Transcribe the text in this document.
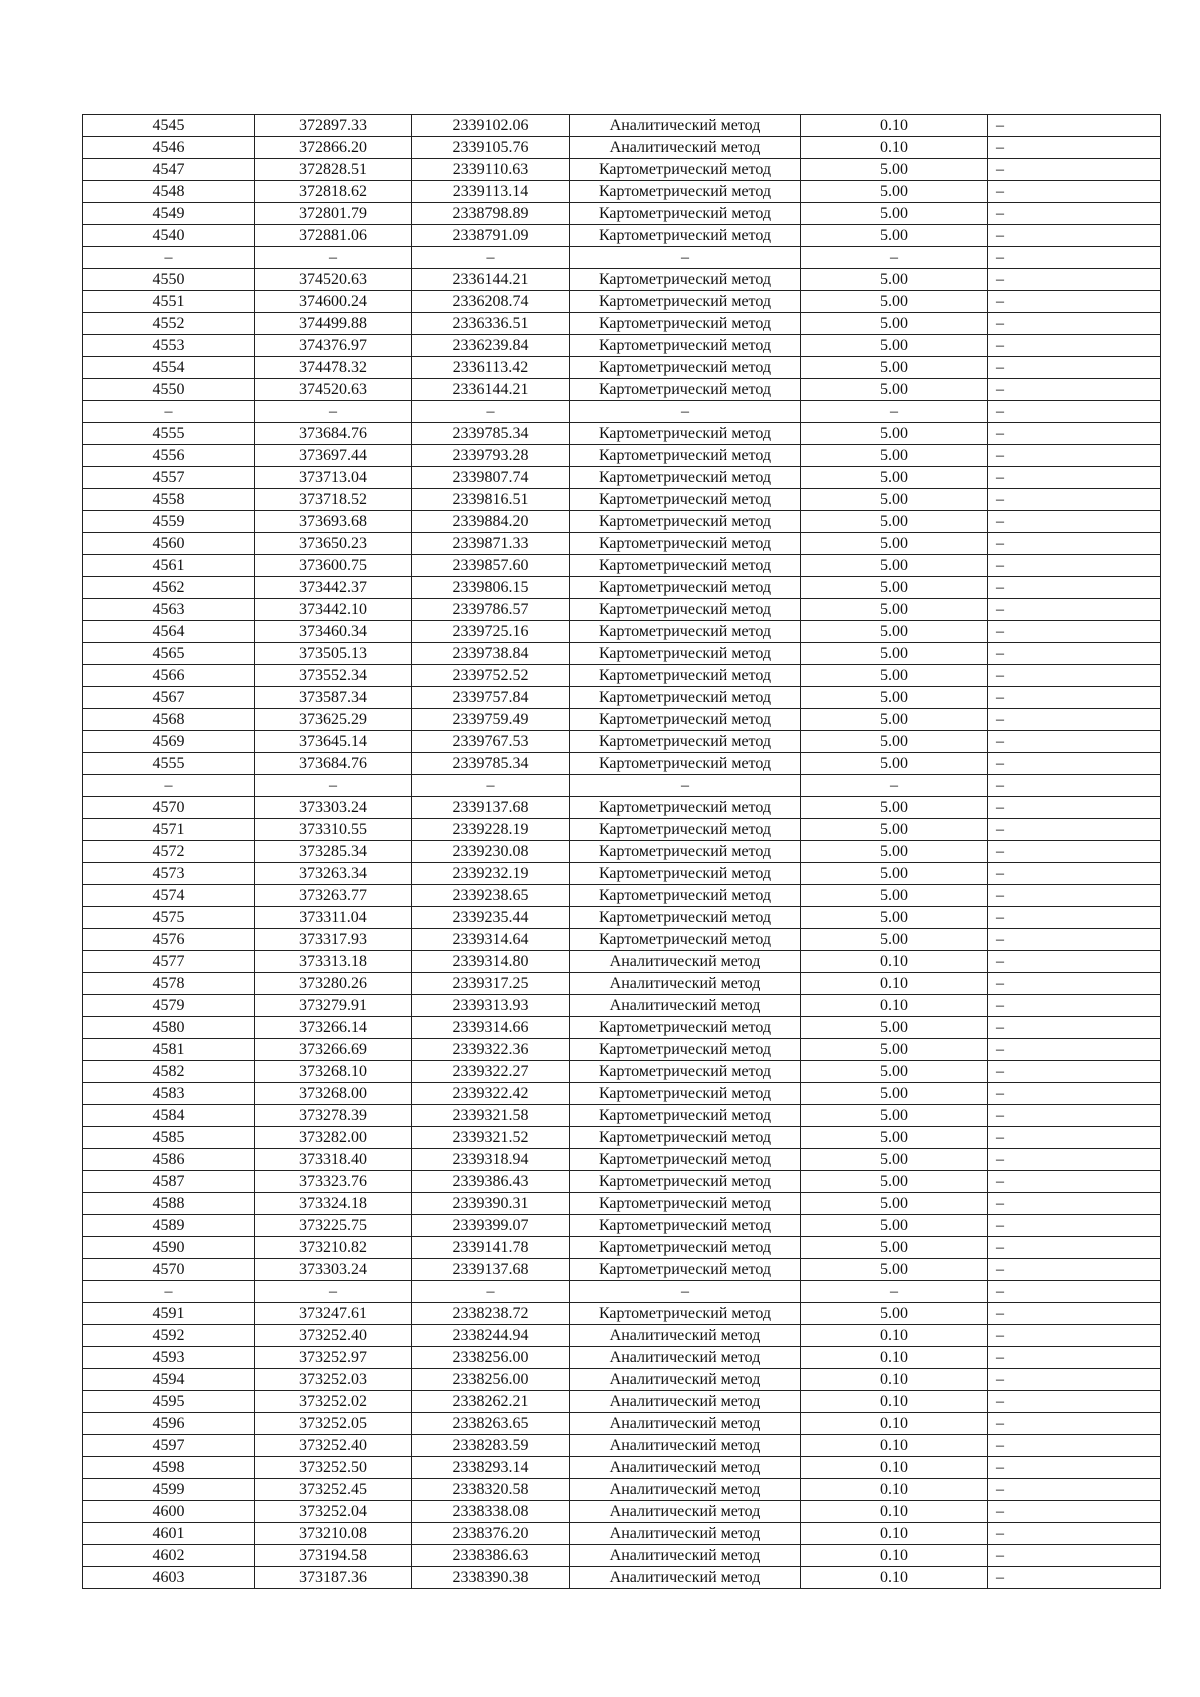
4545	372897.33	2339102.06	Аналитический метод	0.10	–
4546	372866.20	2339105.76	Аналитический метод	0.10	–
4547	372828.51	2339110.63	Картометрический метод	5.00	–
4548	372818.62	2339113.14	Картометрический метод	5.00	–
4549	372801.79	2338798.89	Картометрический метод	5.00	–
4540	372881.06	2338791.09	Картометрический метод	5.00	–
–	–	–	–	–	–
4550	374520.63	2336144.21	Картометрический метод	5.00	–
4551	374600.24	2336208.74	Картометрический метод	5.00	–
4552	374499.88	2336336.51	Картометрический метод	5.00	–
4553	374376.97	2336239.84	Картометрический метод	5.00	–
4554	374478.32	2336113.42	Картометрический метод	5.00	–
4550	374520.63	2336144.21	Картометрический метод	5.00	–
–	–	–	–	–	–
4555	373684.76	2339785.34	Картометрический метод	5.00	–
4556	373697.44	2339793.28	Картометрический метод	5.00	–
4557	373713.04	2339807.74	Картометрический метод	5.00	–
4558	373718.52	2339816.51	Картометрический метод	5.00	–
4559	373693.68	2339884.20	Картометрический метод	5.00	–
4560	373650.23	2339871.33	Картометрический метод	5.00	–
4561	373600.75	2339857.60	Картометрический метод	5.00	–
4562	373442.37	2339806.15	Картометрический метод	5.00	–
4563	373442.10	2339786.57	Картометрический метод	5.00	–
4564	373460.34	2339725.16	Картометрический метод	5.00	–
4565	373505.13	2339738.84	Картометрический метод	5.00	–
4566	373552.34	2339752.52	Картометрический метод	5.00	–
4567	373587.34	2339757.84	Картометрический метод	5.00	–
4568	373625.29	2339759.49	Картометрический метод	5.00	–
4569	373645.14	2339767.53	Картометрический метод	5.00	–
4555	373684.76	2339785.34	Картометрический метод	5.00	–
–	–	–	–	–	–
4570	373303.24	2339137.68	Картометрический метод	5.00	–
4571	373310.55	2339228.19	Картометрический метод	5.00	–
4572	373285.34	2339230.08	Картометрический метод	5.00	–
4573	373263.34	2339232.19	Картометрический метод	5.00	–
4574	373263.77	2339238.65	Картометрический метод	5.00	–
4575	373311.04	2339235.44	Картометрический метод	5.00	–
4576	373317.93	2339314.64	Картометрический метод	5.00	–
4577	373313.18	2339314.80	Аналитический метод	0.10	–
4578	373280.26	2339317.25	Аналитический метод	0.10	–
4579	373279.91	2339313.93	Аналитический метод	0.10	–
4580	373266.14	2339314.66	Картометрический метод	5.00	–
4581	373266.69	2339322.36	Картометрический метод	5.00	–
4582	373268.10	2339322.27	Картометрический метод	5.00	–
4583	373268.00	2339322.42	Картометрический метод	5.00	–
4584	373278.39	2339321.58	Картометрический метод	5.00	–
4585	373282.00	2339321.52	Картометрический метод	5.00	–
4586	373318.40	2339318.94	Картометрический метод	5.00	–
4587	373323.76	2339386.43	Картометрический метод	5.00	–
4588	373324.18	2339390.31	Картометрический метод	5.00	–
4589	373225.75	2339399.07	Картометрический метод	5.00	–
4590	373210.82	2339141.78	Картометрический метод	5.00	–
4570	373303.24	2339137.68	Картометрический метод	5.00	–
–	–	–	–	–	–
4591	373247.61	2338238.72	Картометрический метод	5.00	–
4592	373252.40	2338244.94	Аналитический метод	0.10	–
4593	373252.97	2338256.00	Аналитический метод	0.10	–
4594	373252.03	2338256.00	Аналитический метод	0.10	–
4595	373252.02	2338262.21	Аналитический метод	0.10	–
4596	373252.05	2338263.65	Аналитический метод	0.10	–
4597	373252.40	2338283.59	Аналитический метод	0.10	–
4598	373252.50	2338293.14	Аналитический метод	0.10	–
4599	373252.45	2338320.58	Аналитический метод	0.10	–
4600	373252.04	2338338.08	Аналитический метод	0.10	–
4601	373210.08	2338376.20	Аналитический метод	0.10	–
4602	373194.58	2338386.63	Аналитический метод	0.10	–
4603	373187.36	2338390.38	Аналитический метод	0.10	–
